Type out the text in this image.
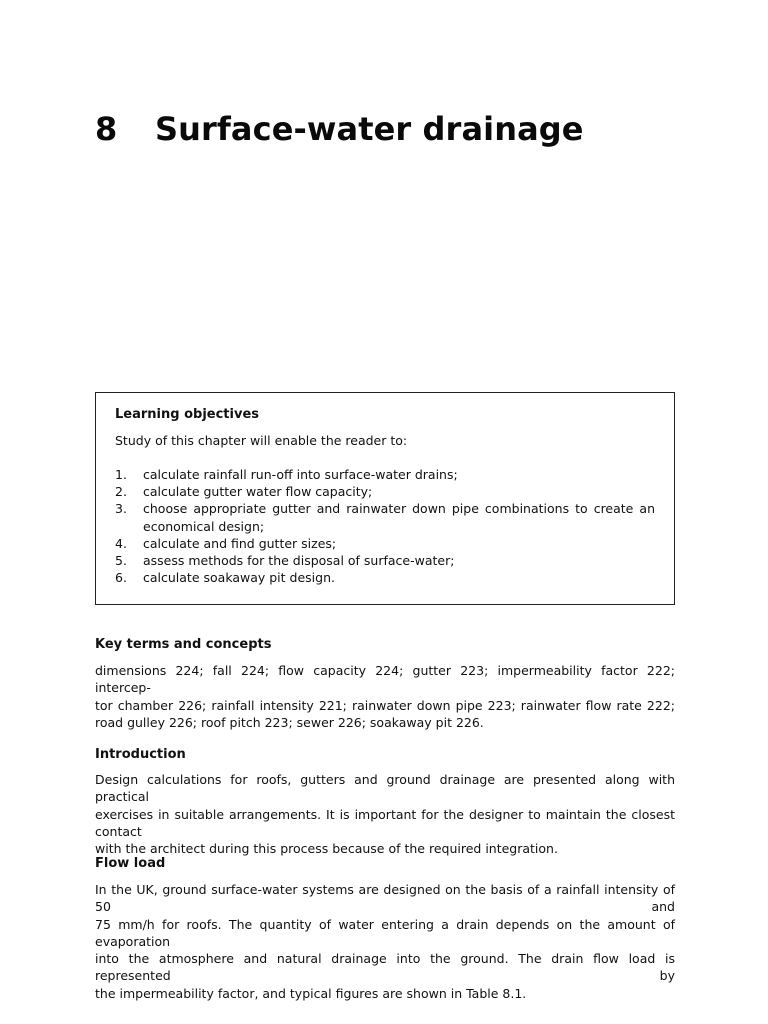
8 Surface-water drainage
Learning objectives

Study of this chapter will enable the reader to:

1.	calculate rainfall run-off into surface-water drains;
2.	calculate gutter water flow capacity;
3.	choose appropriate gutter and rainwater down pipe combinations to create an economical design;
4.	calculate and find gutter sizes;
5.	assess methods for the disposal of surface-water;
6.	calculate soakaway pit design.
Key terms and concepts

dimensions 224; fall 224; flow capacity 224; gutter 223; impermeability factor 222; intercep-
tor chamber 226; rainfall intensity 221; rainwater down pipe 223; rainwater flow rate 222;
road gulley 226; roof pitch 223; sewer 226; soakaway pit 226.

Introduction

Design calculations for roofs, gutters and ground drainage are presented along with practical
exercises in suitable arrangements. It is important for the designer to maintain the closest contact
with the architect during this process because of the required integration.

Flow load

In the UK, ground surface-water systems are designed on the basis of a rainfall intensity of 50 and
75 mm/h for roofs. The quantity of water entering a drain depends on the amount of evaporation
into the atmosphere and natural drainage into the ground. The drain flow load is represented by
the impermeability factor, and typical figures are shown in Table 8.1.
